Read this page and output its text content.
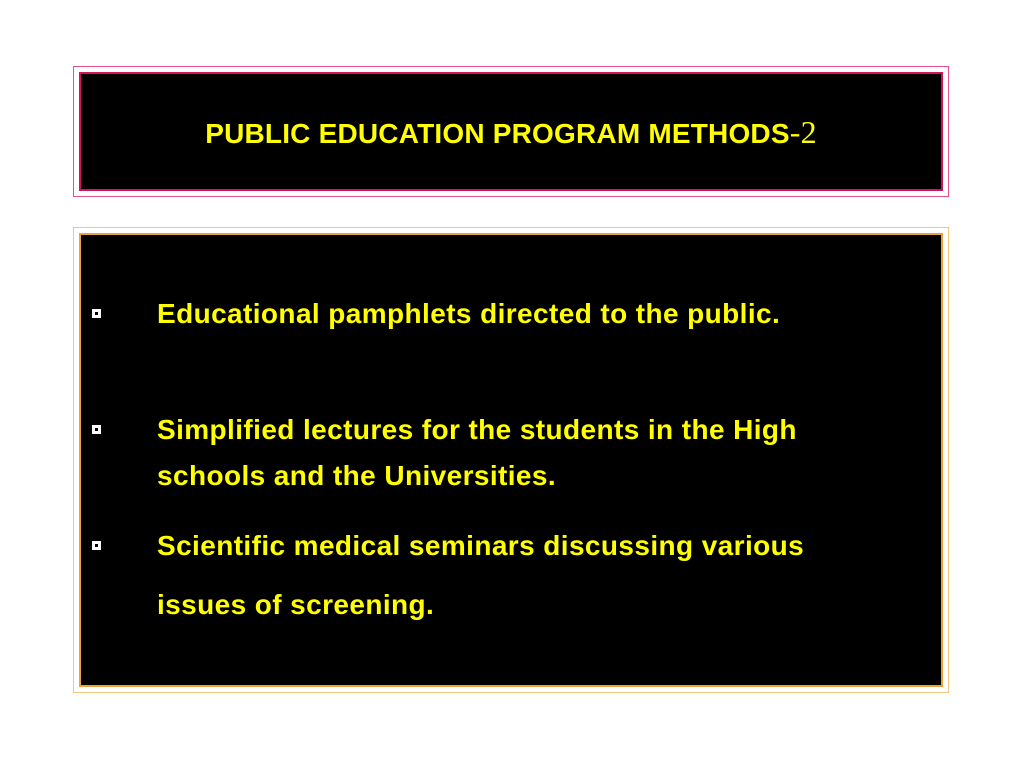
PUBLIC EDUCATION PROGRAM METHODS-2
Educational pamphlets directed to the public.
Simplified lectures for the students in the High schools and the Universities.
Scientific medical seminars discussing various issues of screening.
